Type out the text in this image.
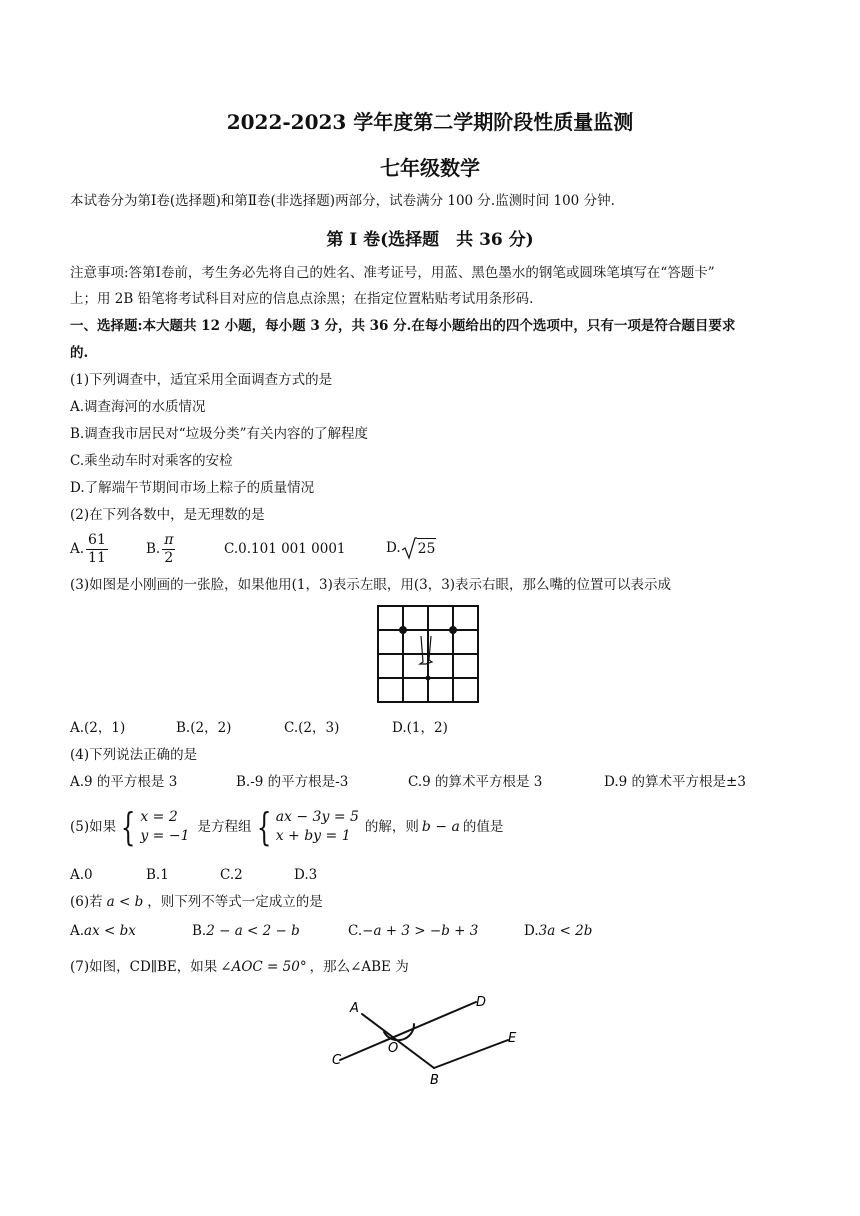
2022-2023 学年度第二学期阶段性质量监测
七年级数学
本试卷分为第Ⅰ卷(选择题)和第Ⅱ卷(非选择题)两部分，试卷满分 100 分.监测时间 100 分钟.
第 I 卷(选择题　共 36 分)
注意事项:答第Ⅰ卷前，考生务必先将自己的姓名、准考证号，用蓝、黑色墨水的钢笔或圆珠笔填写在“答题卡”
上；用 2B 铅笔将考试科目对应的信息点涂黑；在指定位置粘贴考试用条形码.
一、选择题:本大题共 12 小题，每小题 3 分，共 36 分.在每小题给出的四个选项中，只有一项是符合题目要求
的.
(1)下列调查中，适宜采用全面调查方式的是
A.调查海河的水质情况
B.调查我市居民对“垃圾分类”有关内容的了解程度
C.乘坐动车时对乘客的安检
D.了解端午节期间市场上粽子的质量情况
(2)在下列各数中，是无理数的是
A. $\frac{61}{11}$	B. $\frac{\pi}{2}$	C.0.101 001 0001	D. 25
(3)如图是小刚画的一张脸，如果他用(1，3)表示左眼，用(3，3)表示右眼，那么嘴的位置可以表示成
A.(2，1)	B.(2，2)	C.(2，3)	D.(1，2)
(4)下列说法正确的是
A.9 的平方根是 3	B.-9 的平方根是-3	C.9 的算术平方根是 3	D.9 的算术平方根是±3
(5)如果 { x = 2
y = −1
是方程组 { ax − 3y = 5
x + by = 1
的解，则 b − a 的值是
A.0	B.1	C.2	D.3
(6)若 a < b ，则下列不等式一定成立的是
A.ax < bx	B.2 − a < 2 − b	C.−a + 3 > −b + 3	D.3a < 2b
(7)如图，CD∥BE，如果 ∠AOC = 50° ，那么∠ABE 为
A
C
O
D
B
E
